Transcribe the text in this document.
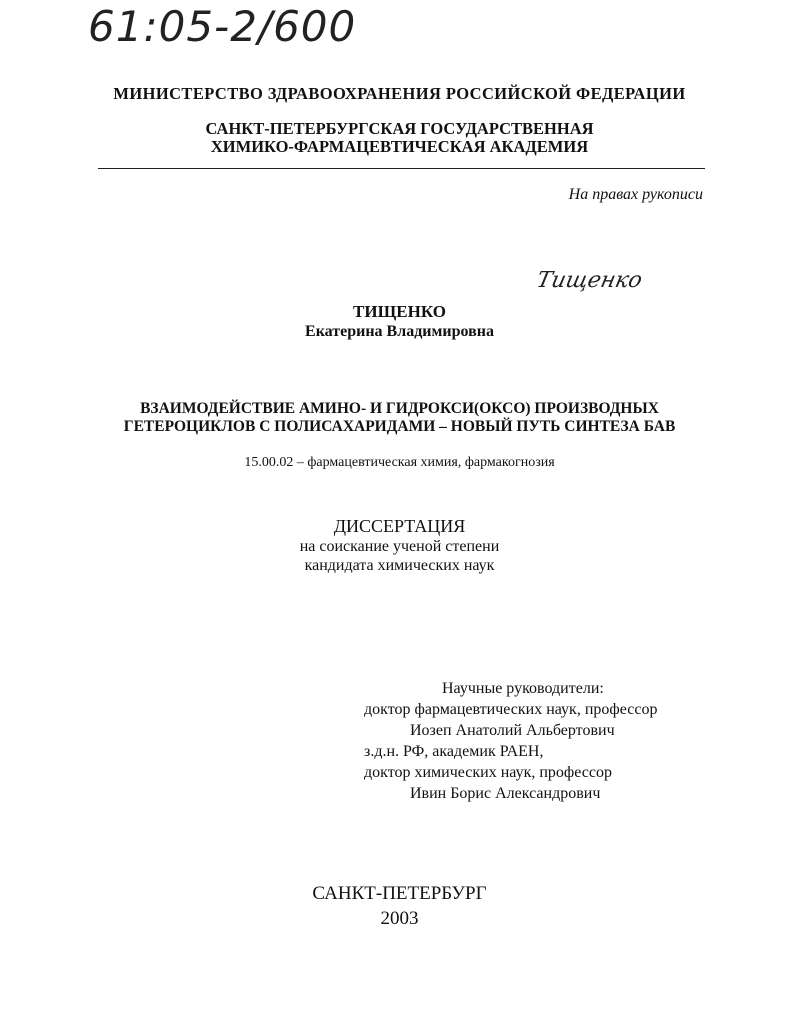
61:05-2/600
МИНИСТЕРСТВО ЗДРАВООХРАНЕНИЯ РОССИЙСКОЙ ФЕДЕРАЦИИ
САНКТ-ПЕТЕРБУРГСКАЯ ГОСУДАРСТВЕННАЯ
ХИМИКО-ФАРМАЦЕВТИЧЕСКАЯ АКАДЕМИЯ
На правах рукописи
Тищенко
ТИЩЕНКО
Екатерина Владимировна
ВЗАИМОДЕЙСТВИЕ АМИНО- И ГИДРОКСИ(ОКСО) ПРОИЗВОДНЫХ
ГЕТЕРОЦИКЛОВ С ПОЛИСАХАРИДАМИ – НОВЫЙ ПУТЬ СИНТЕЗА БАВ
15.00.02 – фармацевтическая химия, фармакогнозия
ДИССЕРТАЦИЯ
на соискание ученой степени
кандидата химических наук
Научные руководители:
доктор фармацевтических наук, профессор
Иозеп Анатолий Альбертович
з.д.н. РФ, академик РАЕН,
доктор химических наук, профессор
Ивин Борис Александрович
САНКТ-ПЕТЕРБУРГ
2003
